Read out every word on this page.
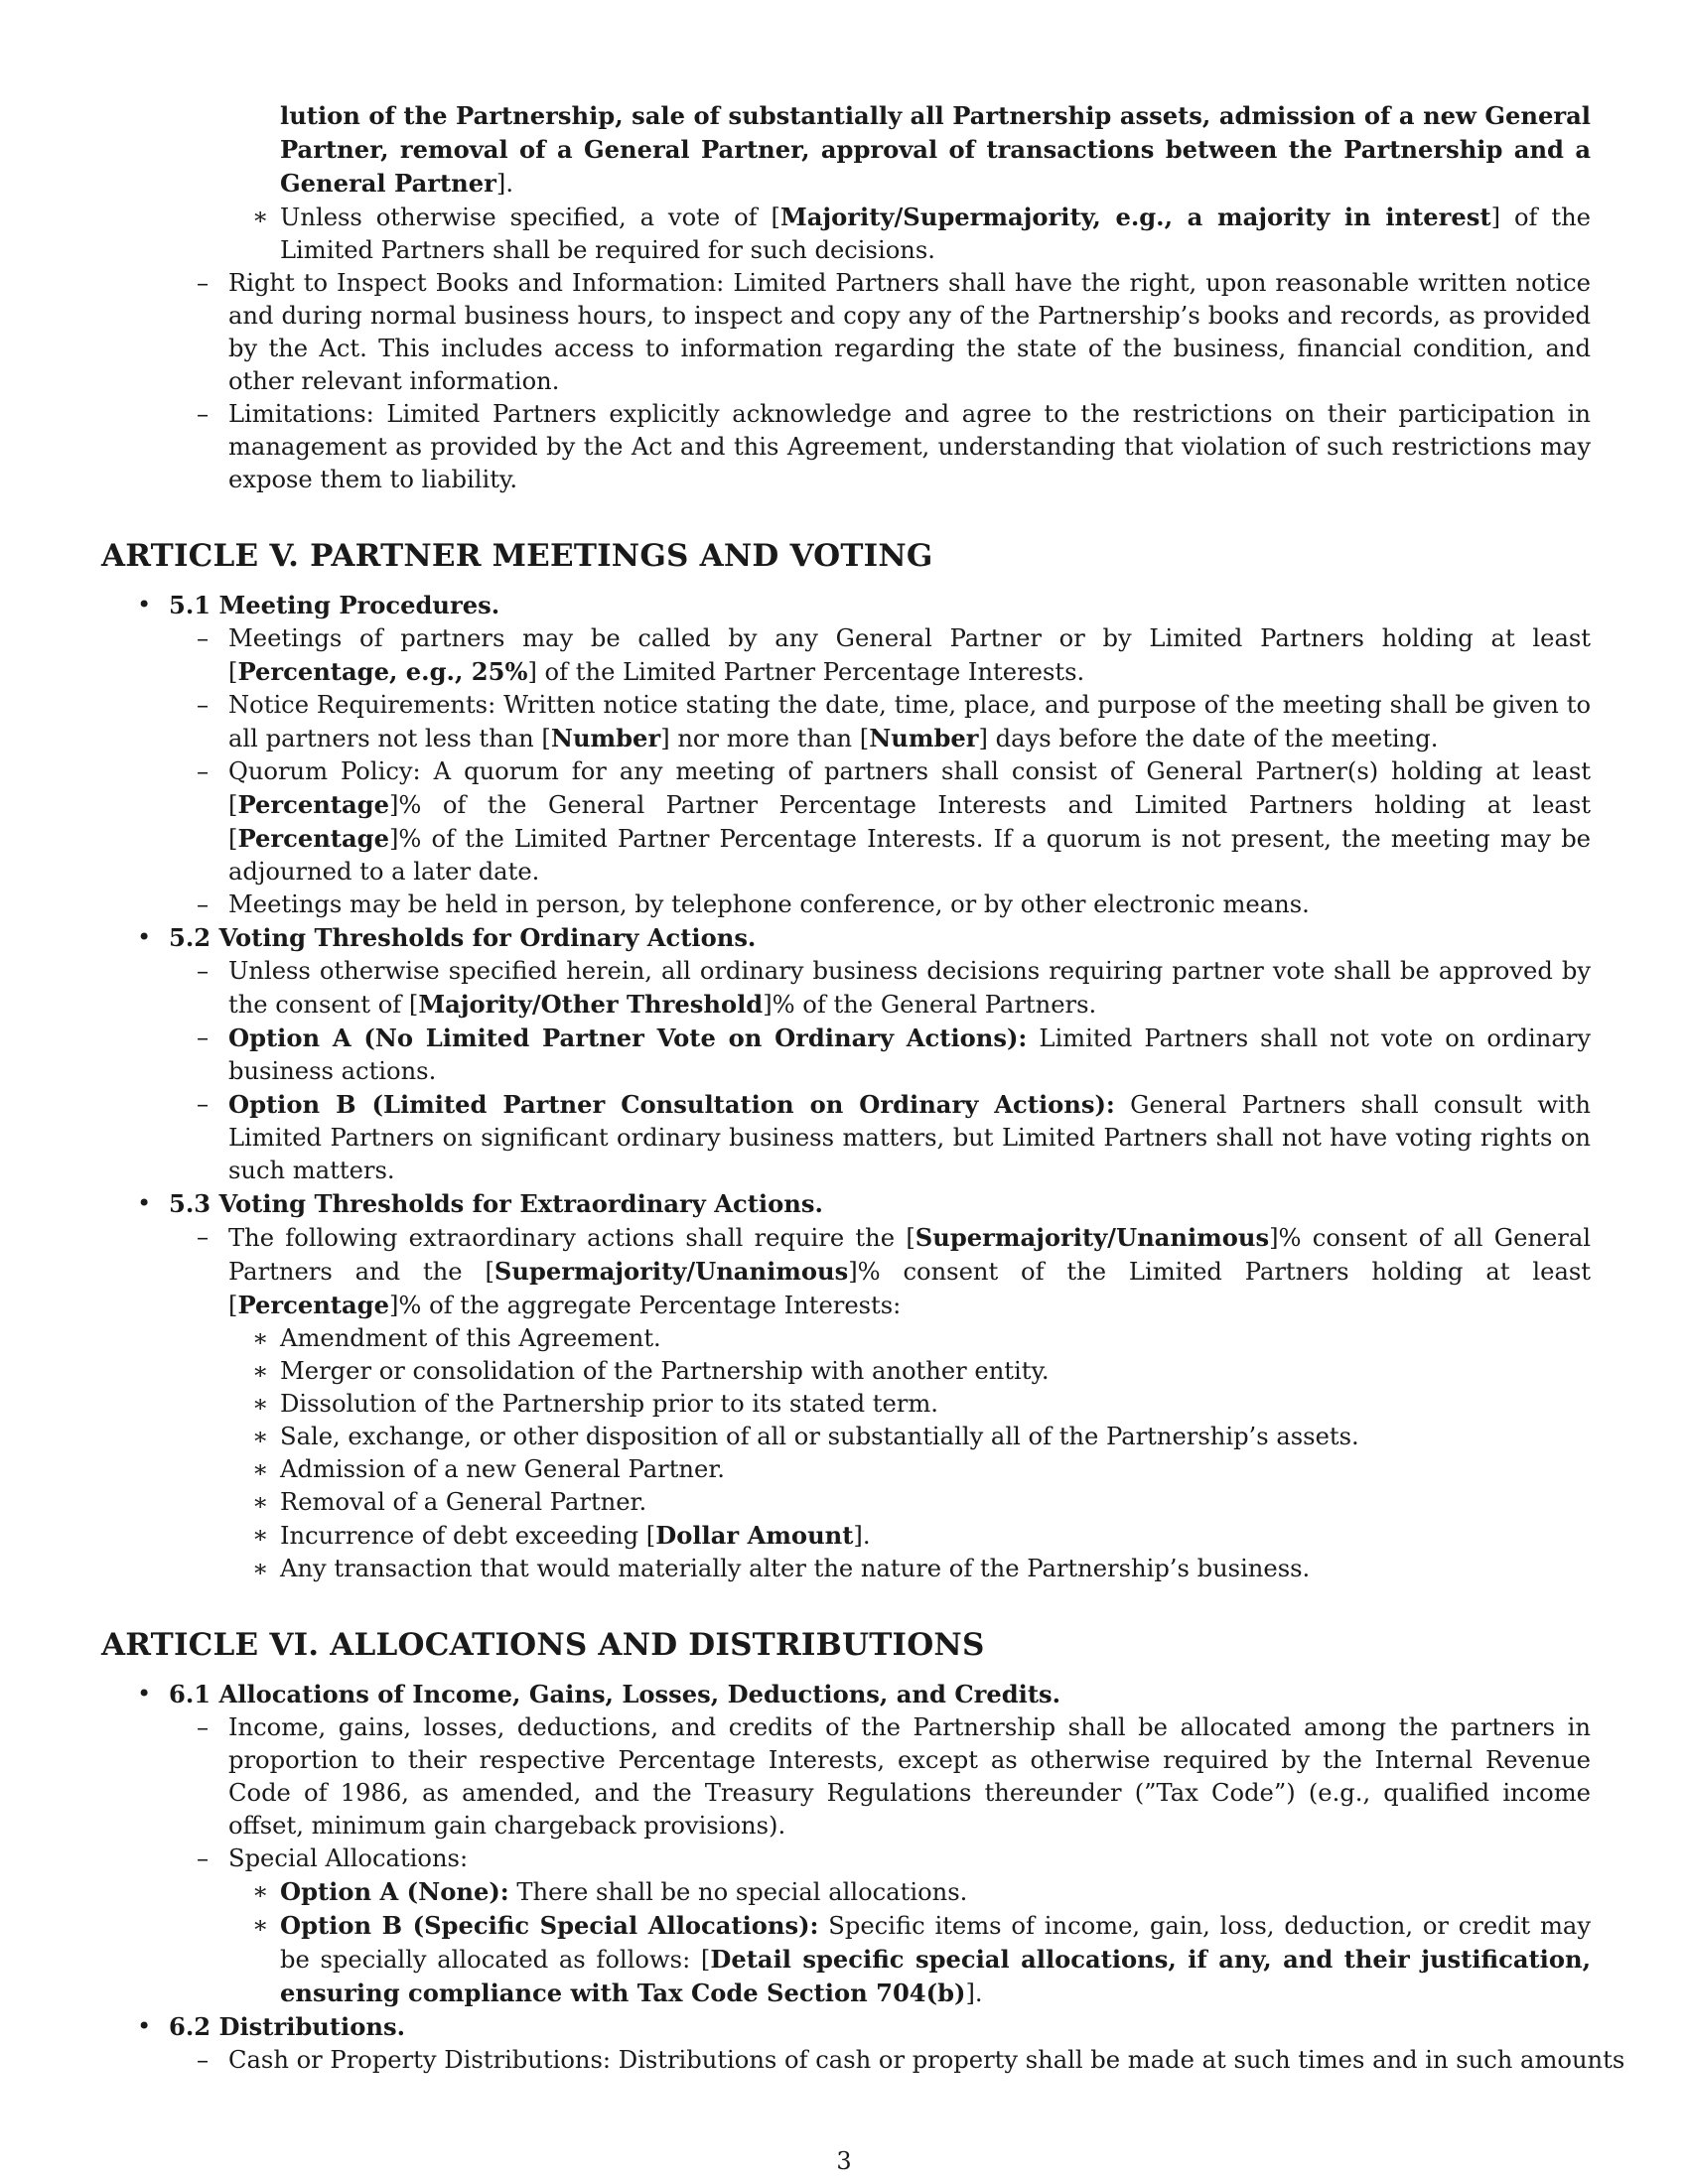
lution of the Partnership, sale of substantially all Partnership assets, admission of a new General Partner, removal of a General Partner, approval of transactions between the Partnership and a General Partner].
∗ Unless otherwise specified, a vote of [Majority/Supermajority, e.g., a majority in interest] of the Limited Partners shall be required for such decisions.
– Right to Inspect Books and Information: Limited Partners shall have the right, upon reasonable written notice and during normal business hours, to inspect and copy any of the Partnership’s books and records, as provided by the Act. This includes access to information regarding the state of the business, financial condition, and other relevant information.
– Limitations: Limited Partners explicitly acknowledge and agree to the restrictions on their participation in management as provided by the Act and this Agreement, understanding that violation of such restrictions may expose them to liability.
ARTICLE V. PARTNER MEETINGS AND VOTING
• 5.1 Meeting Procedures.
– Meetings of partners may be called by any General Partner or by Limited Partners holding at least [Percentage, e.g., 25%] of the Limited Partner Percentage Interests.
– Notice Requirements: Written notice stating the date, time, place, and purpose of the meeting shall be given to all partners not less than [Number] nor more than [Number] days before the date of the meeting.
– Quorum Policy: A quorum for any meeting of partners shall consist of General Partner(s) holding at least [Percentage]% of the General Partner Percentage Interests and Limited Partners holding at least [Percentage]% of the Limited Partner Percentage Interests. If a quorum is not present, the meeting may be adjourned to a later date.
– Meetings may be held in person, by telephone conference, or by other electronic means.
• 5.2 Voting Thresholds for Ordinary Actions.
– Unless otherwise specified herein, all ordinary business decisions requiring partner vote shall be approved by the consent of [Majority/Other Threshold]% of the General Partners.
– Option A (No Limited Partner Vote on Ordinary Actions): Limited Partners shall not vote on ordinary business actions.
– Option B (Limited Partner Consultation on Ordinary Actions): General Partners shall consult with Limited Partners on significant ordinary business matters, but Limited Partners shall not have voting rights on such matters.
• 5.3 Voting Thresholds for Extraordinary Actions.
– The following extraordinary actions shall require the [Supermajority/Unanimous]% consent of all General Partners and the [Supermajority/Unanimous]% consent of the Limited Partners holding at least [Percentage]% of the aggregate Percentage Interests:
∗ Amendment of this Agreement.
∗ Merger or consolidation of the Partnership with another entity.
∗ Dissolution of the Partnership prior to its stated term.
∗ Sale, exchange, or other disposition of all or substantially all of the Partnership’s assets.
∗ Admission of a new General Partner.
∗ Removal of a General Partner.
∗ Incurrence of debt exceeding [Dollar Amount].
∗ Any transaction that would materially alter the nature of the Partnership’s business.
ARTICLE VI. ALLOCATIONS AND DISTRIBUTIONS
• 6.1 Allocations of Income, Gains, Losses, Deductions, and Credits.
– Income, gains, losses, deductions, and credits of the Partnership shall be allocated among the partners in proportion to their respective Percentage Interests, except as otherwise required by the Internal Revenue Code of 1986, as amended, and the Treasury Regulations thereunder (”Tax Code”) (e.g., qualified income offset, minimum gain chargeback provisions).
– Special Allocations:
∗ Option A (None): There shall be no special allocations.
∗ Option B (Specific Special Allocations): Specific items of income, gain, loss, deduction, or credit may be specially allocated as follows: [Detail specific special allocations, if any, and their justification, ensuring compliance with Tax Code Section 704(b)].
• 6.2 Distributions.
– Cash or Property Distributions: Distributions of cash or property shall be made at such times and in such amounts
3
